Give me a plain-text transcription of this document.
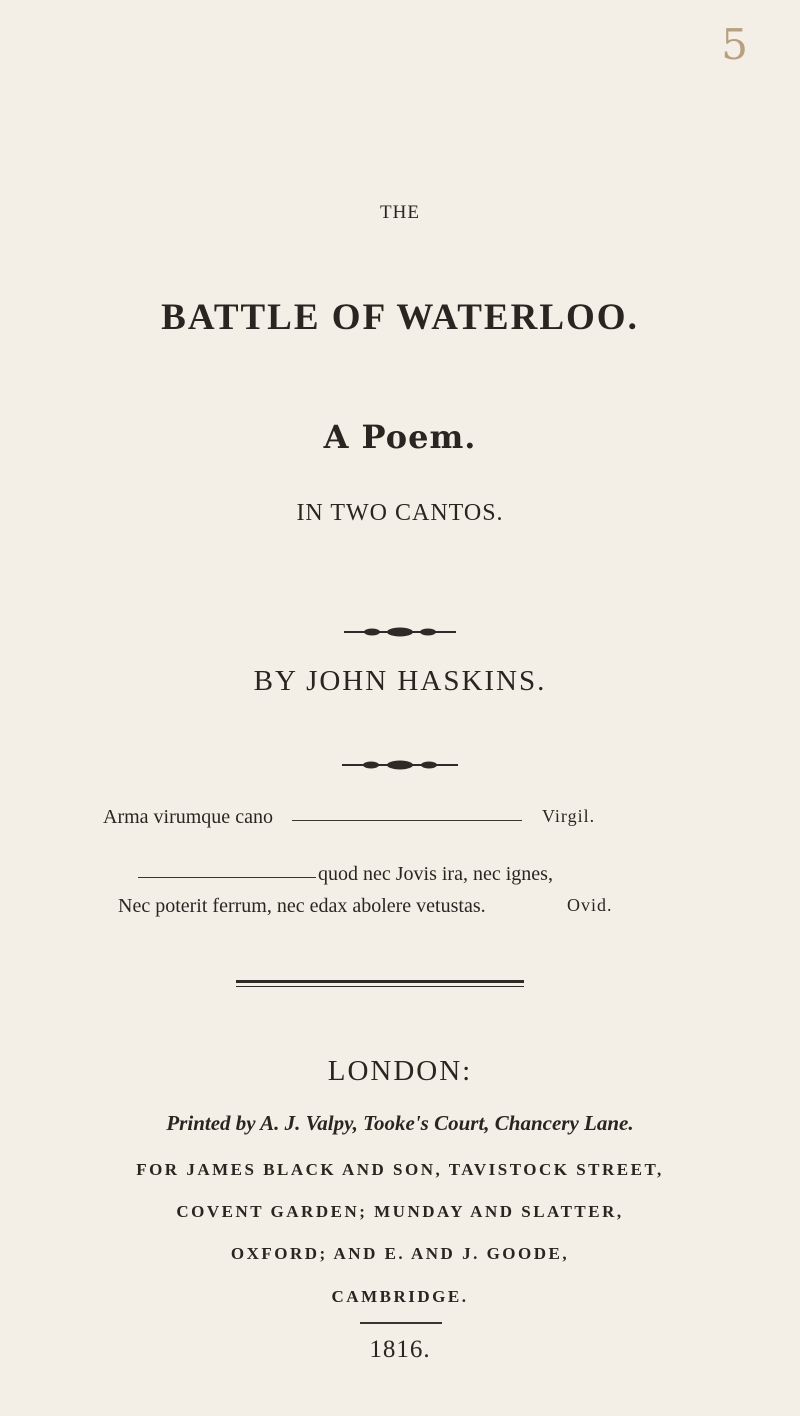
5
THE
BATTLE OF WATERLOO.
A Poem.
IN TWO CANTOS.
BY JOHN HASKINS.
Arma virumque cano	Virgil.
quod nec Jovis ira, nec ignes,
Nec poterit ferrum, nec edax abolere vetustas.	Ovid.
LONDON:
Printed by A. J. Valpy, Tooke's Court, Chancery Lane.
FOR JAMES BLACK AND SON, TAVISTOCK STREET,
COVENT GARDEN; MUNDAY AND SLATTER,
OXFORD; AND E. AND J. GOODE,
CAMBRIDGE.
1816.
